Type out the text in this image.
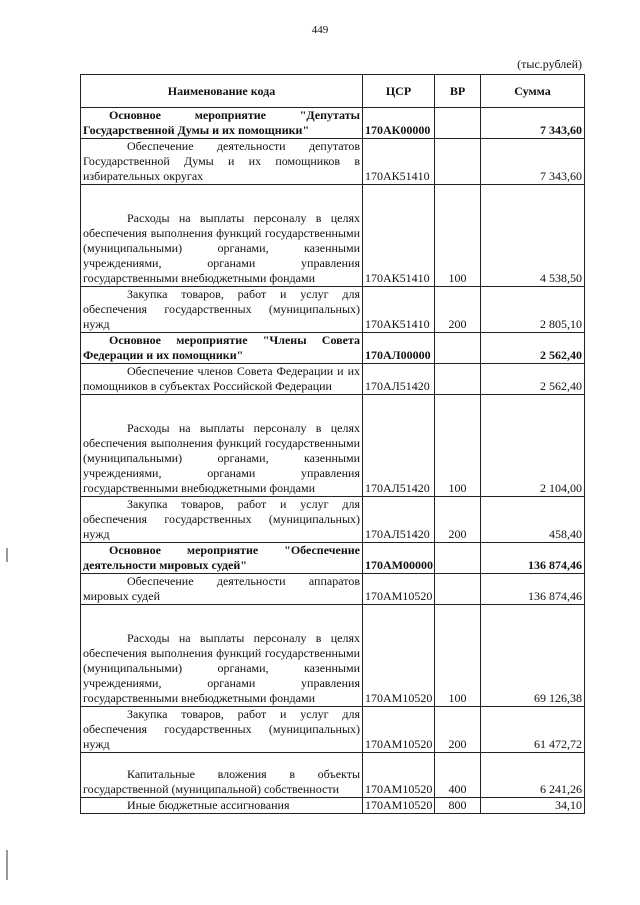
449
(тыс.рублей)
Наименование кода	ЦСР	ВР	Сумма
Основное мероприятие "Депутаты Государственной Думы и их помощники"	170АК00000		7 343,60
Обеспечение деятельности депутатов Государственной Думы и их помощников в избирательных округах	170АК51410		7 343,60
Расходы на выплаты персоналу в целях обеспечения выполнения функций государственными (муниципальными) органами, казенными учреждениями, органами управления государственными внебюджетными фондами	170АК51410	100	4 538,50
Закупка товаров, работ и услуг для обеспечения государственных (муниципальных) нужд	170АК51410	200	2 805,10
Основное мероприятие "Члены Совета Федерации и их помощники"	170АЛ00000		2 562,40
Обеспечение членов Совета Федерации и их помощников в субъектах Российской Федерации	170АЛ51420		2 562,40
Расходы на выплаты персоналу в целях обеспечения выполнения функций государственными (муниципальными) органами, казенными учреждениями, органами управления государственными внебюджетными фондами	170АЛ51420	100	2 104,00
Закупка товаров, работ и услуг для обеспечения государственных (муниципальных) нужд	170АЛ51420	200	458,40
Основное мероприятие "Обеспечение деятельности мировых судей"	170АМ00000		136 874,46
Обеспечение деятельности аппаратов мировых судей	170АМ10520		136 874,46
Расходы на выплаты персоналу в целях обеспечения выполнения функций государственными (муниципальными) органами, казенными учреждениями, органами управления государственными внебюджетными фондами	170АМ10520	100	69 126,38
Закупка товаров, работ и услуг для обеспечения государственных (муниципальных) нужд	170АМ10520	200	61 472,72
Капитальные вложения в объекты государственной (муниципальной) собственности	170АМ10520	400	6 241,26
Иные бюджетные ассигнования	170АМ10520	800	34,10
